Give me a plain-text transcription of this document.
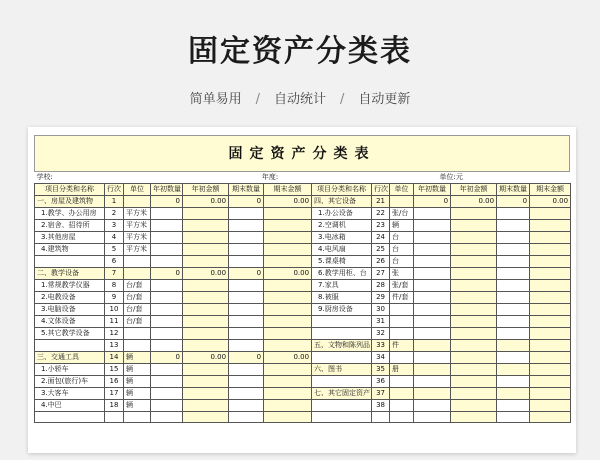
固定资产分类表
简单易用 / 自动统计 / 自动更新
固定资产分类表
学校:					年度:				单位:元				
项目分类和名称	行次	单位	年初数量	年初金额	期末数量	期末金额	项目分类和名称	行次	单位	年初数量	年初金额	期末数量	期末金额
一、房屋及建筑物	1		0	0.00	0	0.00	四、其它设备	21		0	0.00	0	0.00
1.教学、办公用房	2	平方米					1.办公设备	22	张/台				
2.宿舍、招待所	3	平方米					2.空调机	23	辆				
3.其他房屋	4	平方米					3.电冰箱	24	台				
4.建筑物	5	平方米					4.电风扇	25	台				
	6						5.课桌椅	26	台				
二、教学设备	7		0	0.00	0	0.00	6.教学用柜、台	27	张				
1.常规教学仪器	8	台/套					7.家具	28	张/套				
2.电教设备	9	台/套					8.被服	29	件/套				
3.电脑设备	10	台/套					9.厨房设备	30					
4.文体设备	11	台/套						31					
5.其它教学设备	12							32					
	13						五、文物和陈列品	33	件				
三、交通工具	14	辆	0	0.00	0	0.00		34					
1.小轿车	15	辆					六、图书	35	册				
2.面包(旅行)车	16	辆						36					
3.大客车	17	辆					七、其它固定资产	37					
4.中巴	18	辆						38					
